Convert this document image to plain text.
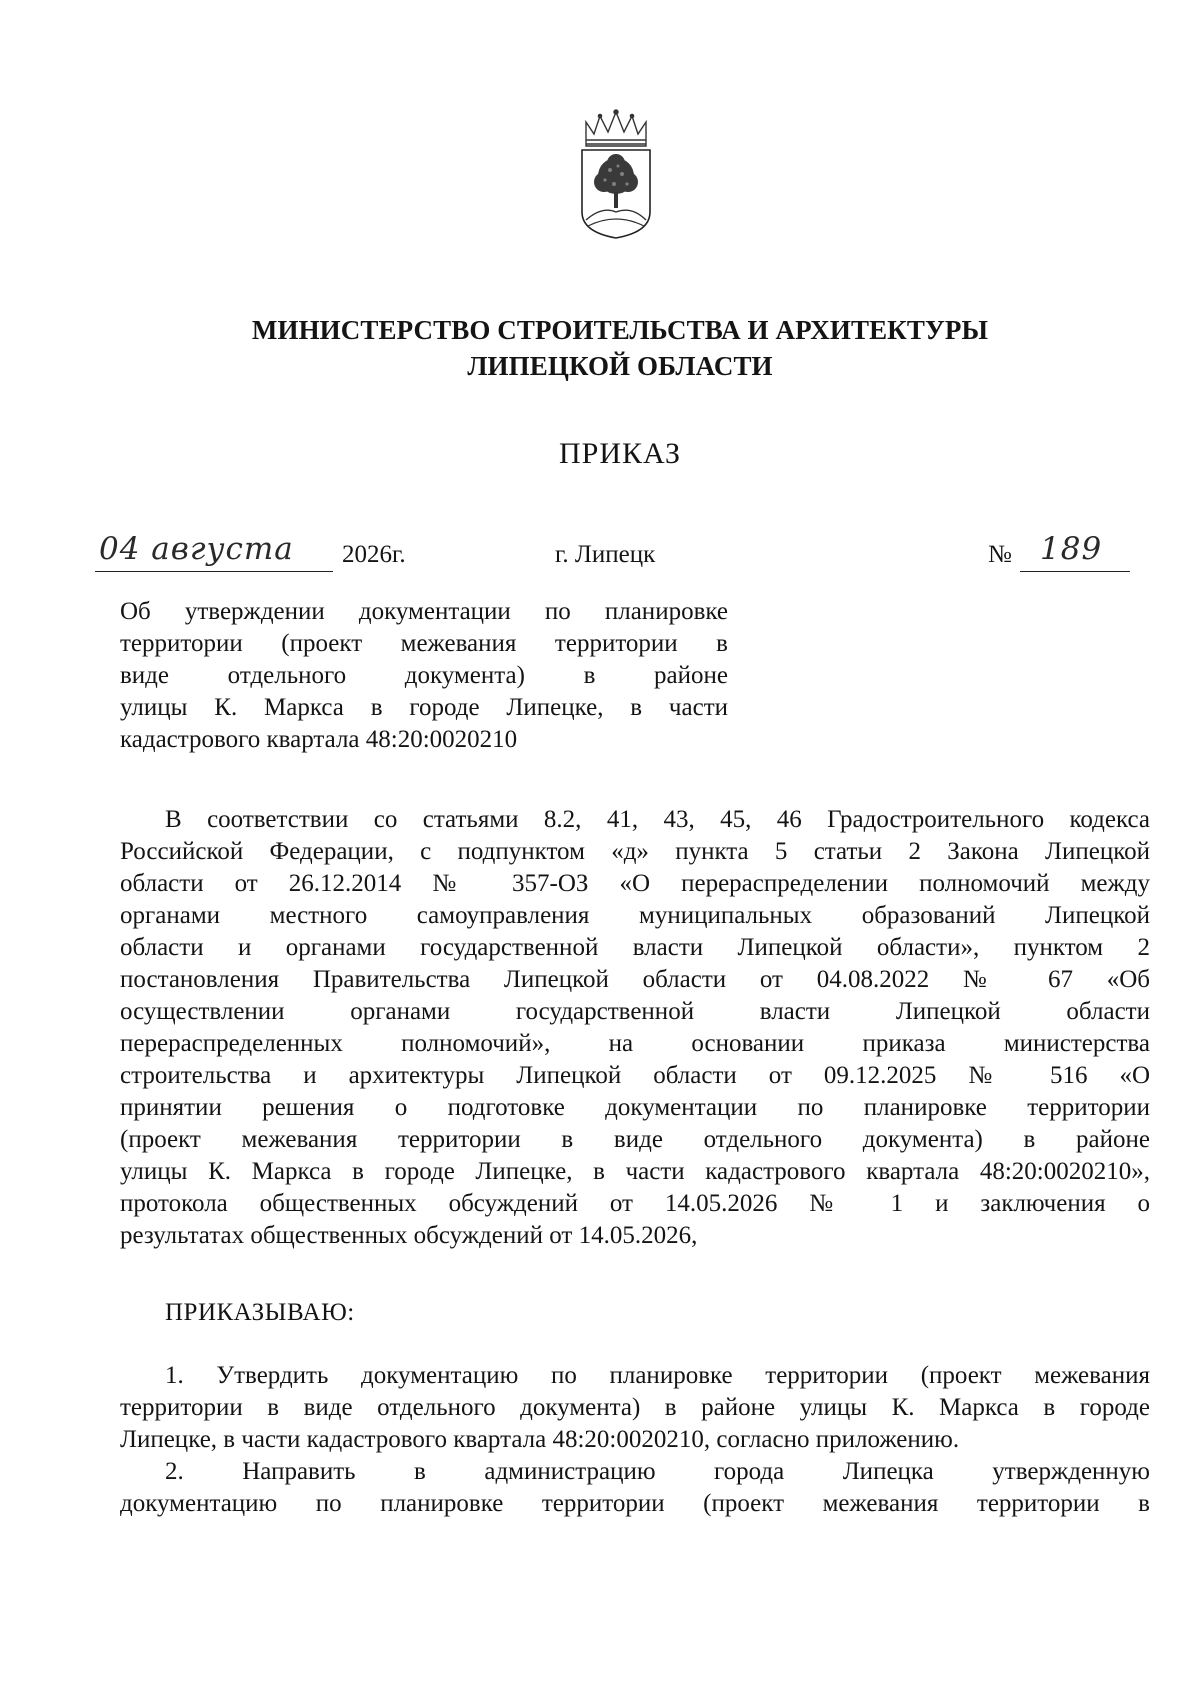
МИНИСТЕРСТВО СТРОИТЕЛЬСТВА И АРХИТЕКТУРЫ
ЛИПЕЦКОЙ ОБЛАСТИ
ПРИКАЗ
04 августа 2026г.	г. Липецк	№ 189
Об утверждении документации по планировке
территории (проект межевания территории в
виде отдельного документа) в районе
улицы К. Маркса в городе Липецке, в части
кадастрового квартала 48:20:0020210
В соответствии со статьями 8.2, 41, 43, 45, 46 Градостроительного кодекса
Российской Федерации, с подпунктом «д» пункта 5 статьи 2 Закона Липецкой
области от 26.12.2014 № 357-ОЗ «О перераспределении полномочий между
органами местного самоуправления муниципальных образований Липецкой
области и органами государственной власти Липецкой области», пунктом 2
постановления Правительства Липецкой области от 04.08.2022 № 67 «Об
осуществлении органами государственной власти Липецкой области
перераспределенных полномочий», на основании приказа министерства
строительства и архитектуры Липецкой области от 09.12.2025 № 516 «О
принятии решения о подготовке документации по планировке территории
(проект межевания территории в виде отдельного документа) в районе
улицы К. Маркса в городе Липецке, в части кадастрового квартала 48:20:0020210»,
протокола общественных обсуждений от 14.05.2026 № 1 и заключения о
результатах общественных обсуждений от 14.05.2026,
ПРИКАЗЫВАЮ:
1. Утвердить документацию по планировке территории (проект межевания
территории в виде отдельного документа) в районе улицы К. Маркса в городе
Липецке, в части кадастрового квартала 48:20:0020210, согласно приложению.
2. Направить в администрацию города Липецка утвержденную
документацию по планировке территории (проект межевания территории в
